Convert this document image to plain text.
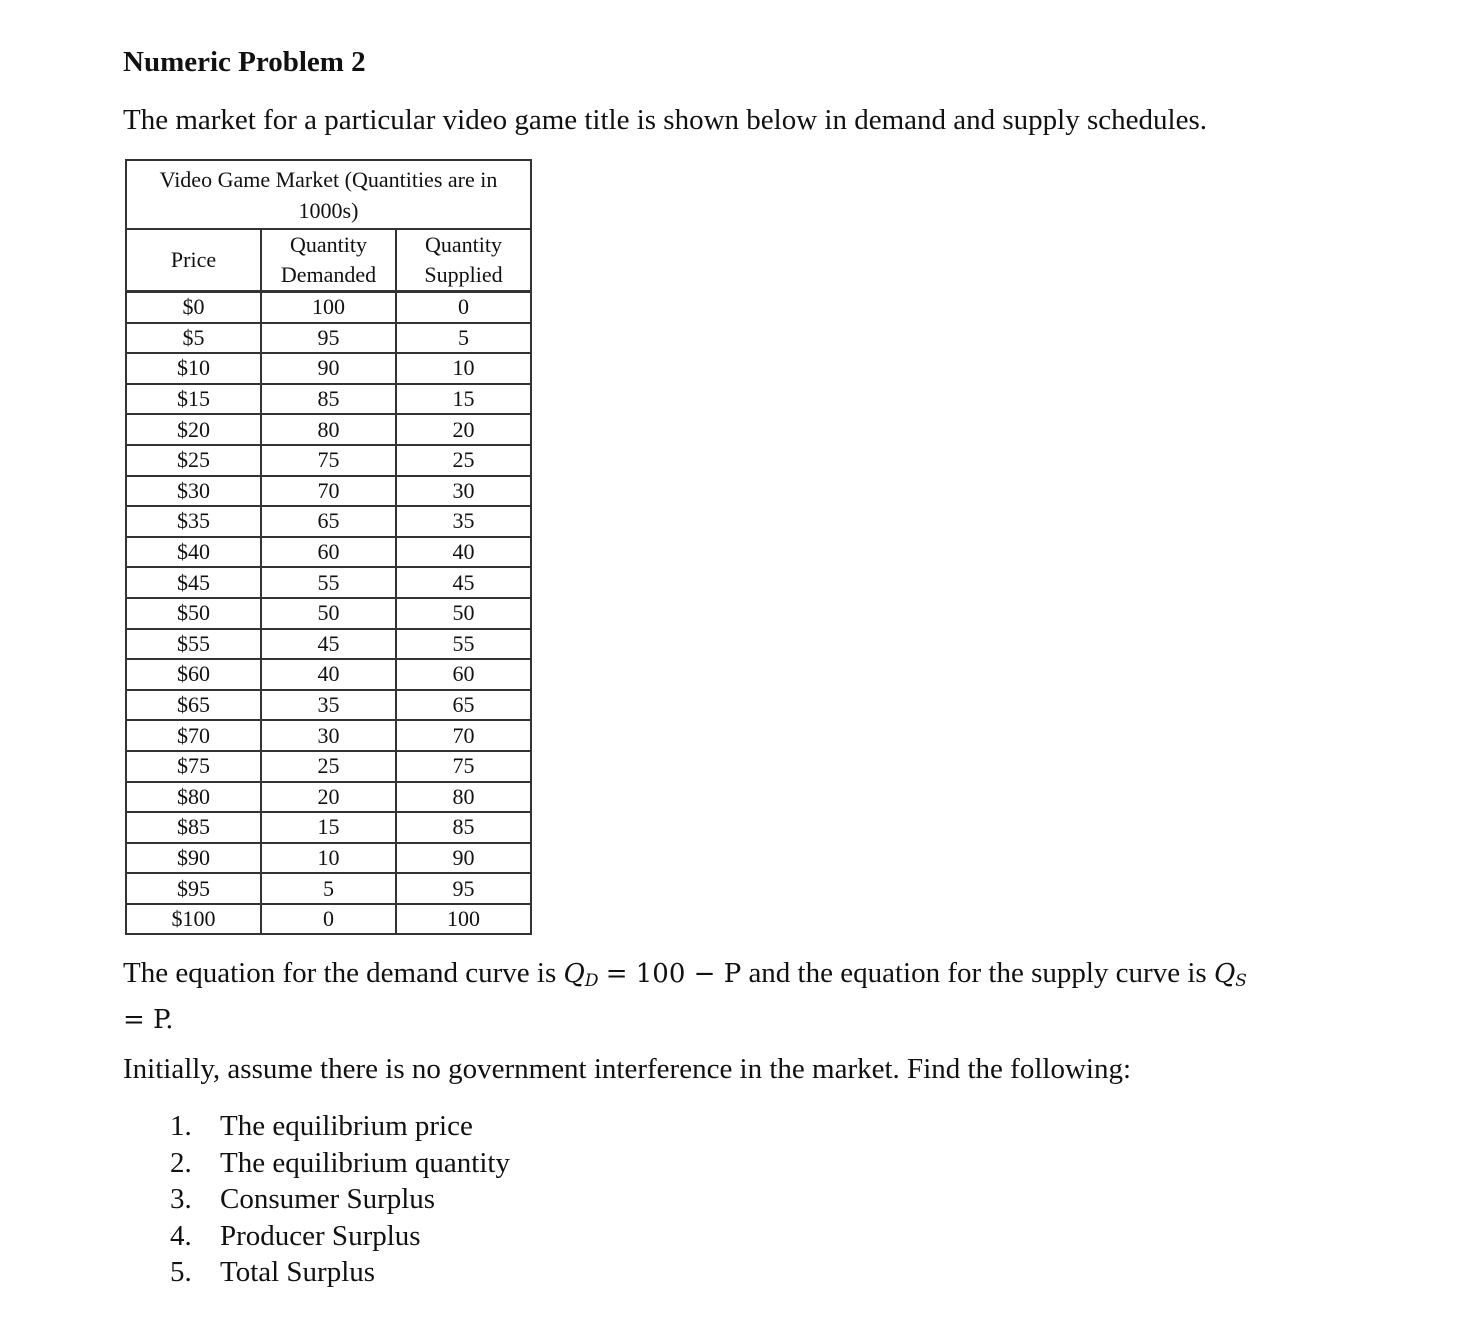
Numeric Problem 2

The market for a particular video game title is shown below in demand and supply schedules.

Video Game Market (Quantities are in 1000s)		
Price	Quantity Demanded	Quantity Supplied
$0	100	0
$5	95	5
$10	90	10
$15	85	15
$20	80	20
$25	75	25
$30	70	30
$35	65	35
$40	60	40
$45	55	45
$50	50	50
$55	45	55
$60	40	60
$65	35	65
$70	30	70
$75	25	75
$80	20	80
$85	15	85
$90	10	90
$95	5	95
$100	0	100

The equation for the demand curve is $Q_D = 100 - P$ and the equation for the supply curve is $Q_S = P$.

Initially, assume there is no government interference in the market. Find the following:

1. The equilibrium price
2. The equilibrium quantity
3. Consumer Surplus
4. Producer Surplus
5. Total Surplus
